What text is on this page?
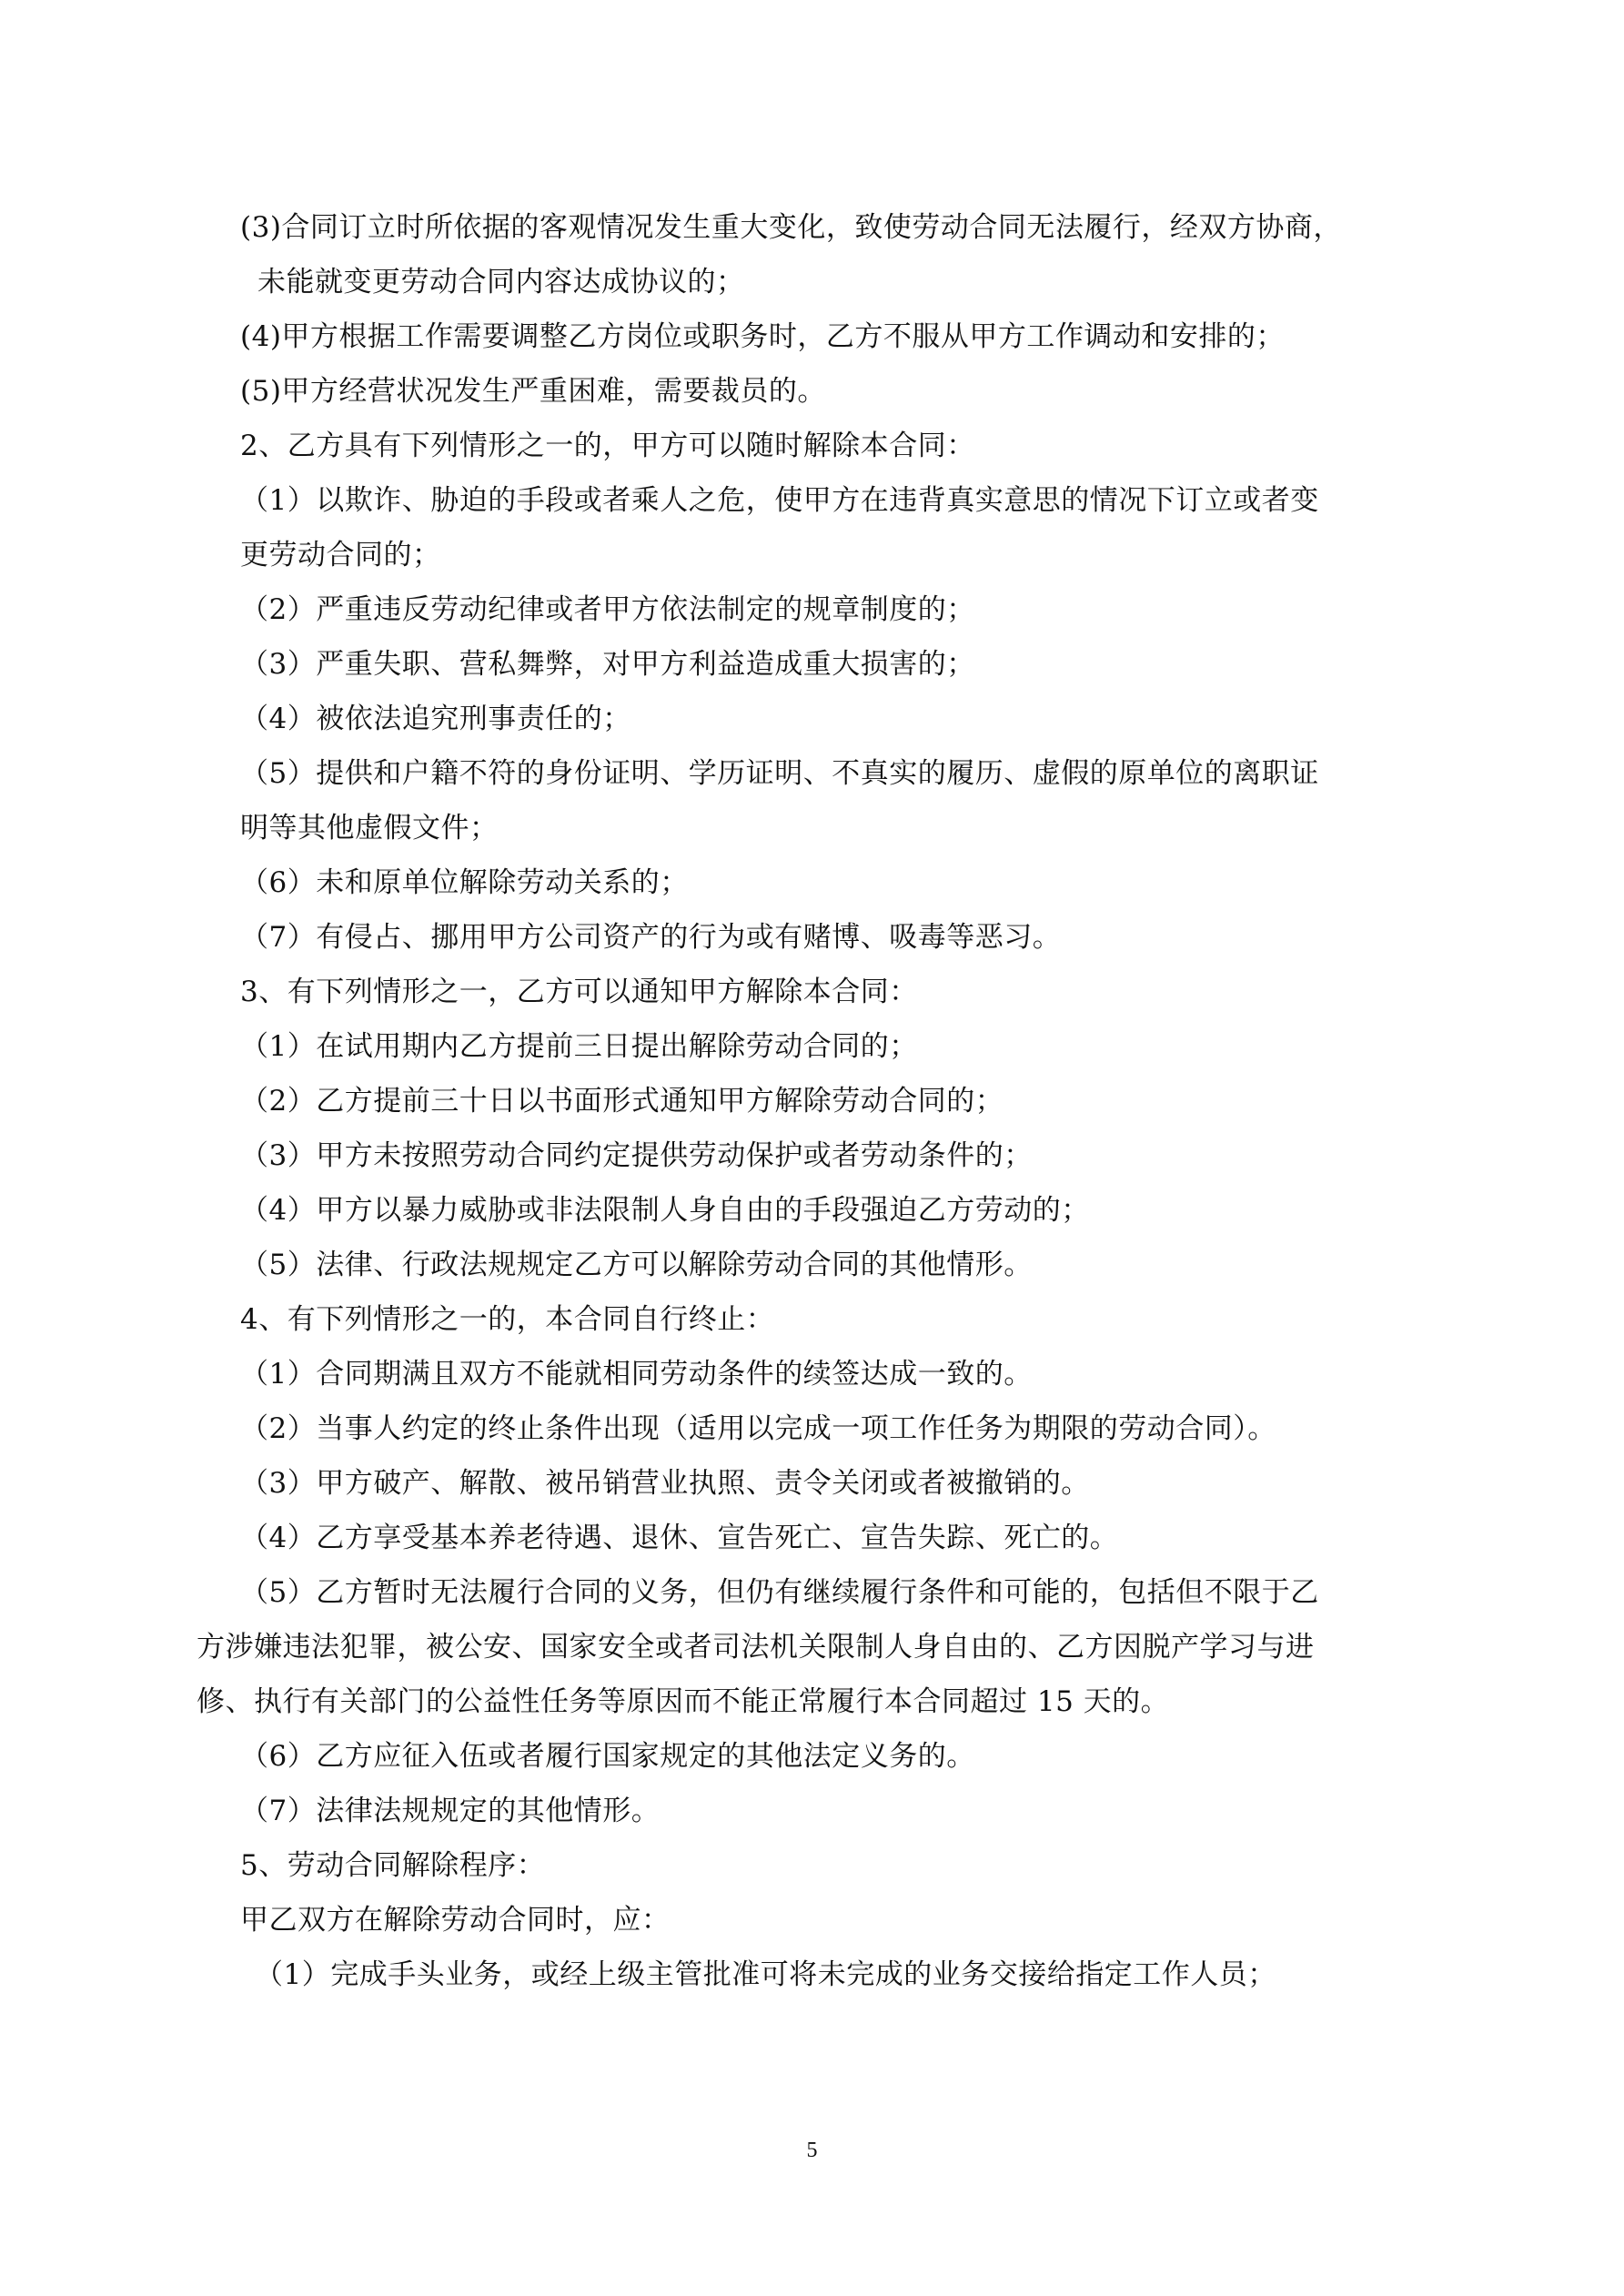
(3)合同订立时所依据的客观情况发生重大变化，致使劳动合同无法履行，经双方协商，
未能就变更劳动合同内容达成协议的；
(4)甲方根据工作需要调整乙方岗位或职务时，乙方不服从甲方工作调动和安排的；
(5)甲方经营状况发生严重困难，需要裁员的。
2、乙方具有下列情形之一的，甲方可以随时解除本合同：
（1）以欺诈、胁迫的手段或者乘人之危，使甲方在违背真实意思的情况下订立或者变
更劳动合同的；
（2）严重违反劳动纪律或者甲方依法制定的规章制度的；
（3）严重失职、营私舞弊，对甲方利益造成重大损害的；
（4）被依法追究刑事责任的；
（5）提供和户籍不符的身份证明、学历证明、不真实的履历、虚假的原单位的离职证
明等其他虚假文件；
（6）未和原单位解除劳动关系的；
（7）有侵占、挪用甲方公司资产的行为或有赌博、吸毒等恶习。
3、有下列情形之一，乙方可以通知甲方解除本合同：
（1）在试用期内乙方提前三日提出解除劳动合同的；
（2）乙方提前三十日以书面形式通知甲方解除劳动合同的；
（3）甲方未按照劳动合同约定提供劳动保护或者劳动条件的；
（4）甲方以暴力威胁或非法限制人身自由的手段强迫乙方劳动的；
（5）法律、行政法规规定乙方可以解除劳动合同的其他情形。
4、有下列情形之一的，本合同自行终止：
（1）合同期满且双方不能就相同劳动条件的续签达成一致的。
（2）当事人约定的终止条件出现（适用以完成一项工作任务为期限的劳动合同）。
（3）甲方破产、解散、被吊销营业执照、责令关闭或者被撤销的。
（4）乙方享受基本养老待遇、退休、宣告死亡、宣告失踪、死亡的。
（5）乙方暂时无法履行合同的义务，但仍有继续履行条件和可能的，包括但不限于乙
方涉嫌违法犯罪，被公安、国家安全或者司法机关限制人身自由的、乙方因脱产学习与进
修、执行有关部门的公益性任务等原因而不能正常履行本合同超过 15 天的。
（6）乙方应征入伍或者履行国家规定的其他法定义务的。
（7）法律法规规定的其他情形。
5、劳动合同解除程序：
甲乙双方在解除劳动合同时，应：
（1）完成手头业务，或经上级主管批准可将未完成的业务交接给指定工作人员；
5
